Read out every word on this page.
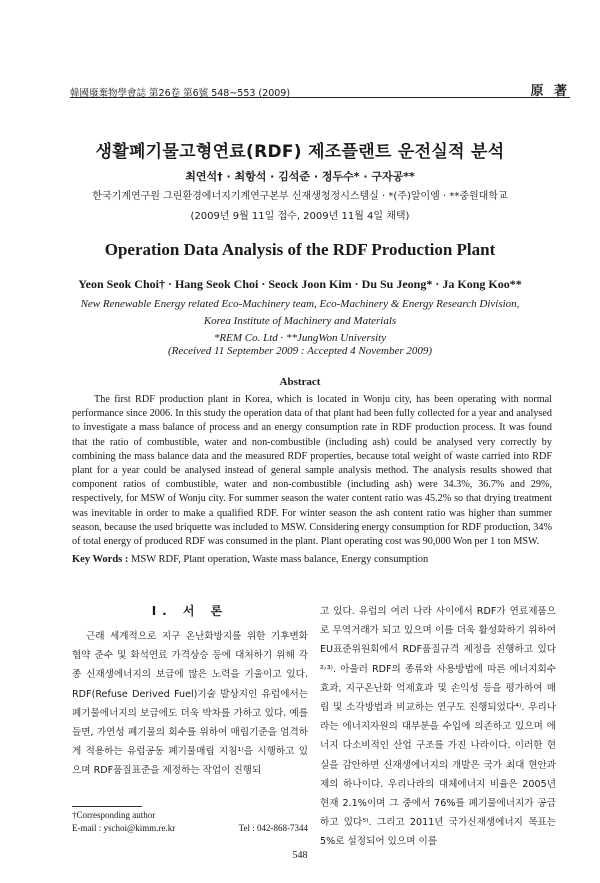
韓國廢棄物學會誌 第26卷 第6號 548~553 (2009)	原 著
생활폐기물고형연료(RDF) 제조플랜트 운전실적 분석
최연석† · 최항석 · 김석준 · 정두수* · 구자공**
한국기계연구원 그린환경에너지기계연구본부 신재생청정시스템실 · *(주)알이엠 · **중원대학교
(2009년 9월 11일 접수, 2009년 11월 4일 채택)
Operation Data Analysis of the RDF Production Plant
Yeon Seok Choi† · Hang Seok Choi · Seock Joon Kim · Du Su Jeong* · Ja Kong Koo**
New Renewable Energy related Eco-Machinery team, Eco-Machinery & Energy Research Division,
Korea Institute of Machinery and Materials
*REM Co. Ltd · **JungWon University
(Received 11 September 2009 : Accepted 4 November 2009)
Abstract
The first RDF production plant in Korea, which is located in Wonju city, has been operating with normal performance since 2006. In this study the operation data of that plant had been fully collected for a year and analysed to investigate a mass balance of process and an energy consumption rate in RDF production process. It was found that the ratio of combustible, water and non-combustible (including ash) could be analysed very correctly by combining the mass balance data and the measured RDF properties, because total weight of waste carried into RDF plant for a year could be analysed instead of general sample analysis method. The analysis results showed that component ratios of combustible, water and non-combustible (including ash) were 34.3%, 36.7% and 29%, respectively, for MSW of Wonju city. For summer season the water content ratio was 45.2% so that drying treatment was inevitable in order to make a qualified RDF. For winter season the ash content ratio was higher than summer season, because the used briquette was included to MSW. Considering energy consumption for RDF production, 34% of total energy of produced RDF was consumed in the plant. Plant operating cost was 90,000 Won per 1 ton MSW.
Key Words : MSW RDF, Plant operation, Waste mass balance, Energy consumption
I. 서 론

근래 세계적으로 지구 온난화방지를 위한 기후변화 협약 준수 및 화석연료 가격상승 등에 대처하기 위해 각종 신재생에너지의 보급에 많은 노력을 기울이고 있다. RDF(Refuse Derived Fuel)기술 발상지인 유럽에서는 폐기물에너지의 보급에도 더욱 박차를 가하고 있다. 예를 들면, 가연성 폐기물의 회수를 위하여 매립기준을 엄격하게 적용하는 유럽공동 폐기물매립 지침¹⁾을 시행하고 있으며 RDF품질표준을 제정하는 작업이 진행되

고 있다. 유럽의 여러 나라 사이에서 RDF가 연료제품으로 무역거래가 되고 있으며 이를 더욱 활성화하기 위하여 EU표준위원회에서 RDF품질규격 제정을 진행하고 있다²˒³⁾. 아울러 RDF의 종류와 사용방법에 따른 에너지회수효과, 지구온난화 억제효과 및 손익성 등을 평가하여 매립 및 소각방법과 비교하는 연구도 진행되었다⁴⁾. 우리나라는 에너지자원의 대부분을 수입에 의존하고 있으며 에너지 다소비적인 산업 구조를 가진 나라이다. 이러한 현실을 감안하면 신재생에너지의 개발은 국가 최대 현안과제의 하나이다. 우리나라의 대체에너지 비율은 2005년 현재 2.1%이며 그 중에서 76%를 폐기물에너지가 공급하고 있다⁵⁾. 그리고 2011년 국가신재생에너지 목표는 5%로 설정되어 있으며 이를

†Corresponding author
E-mail : yschoi@kimm.re.kr	Tel : 042-868-7344
548
